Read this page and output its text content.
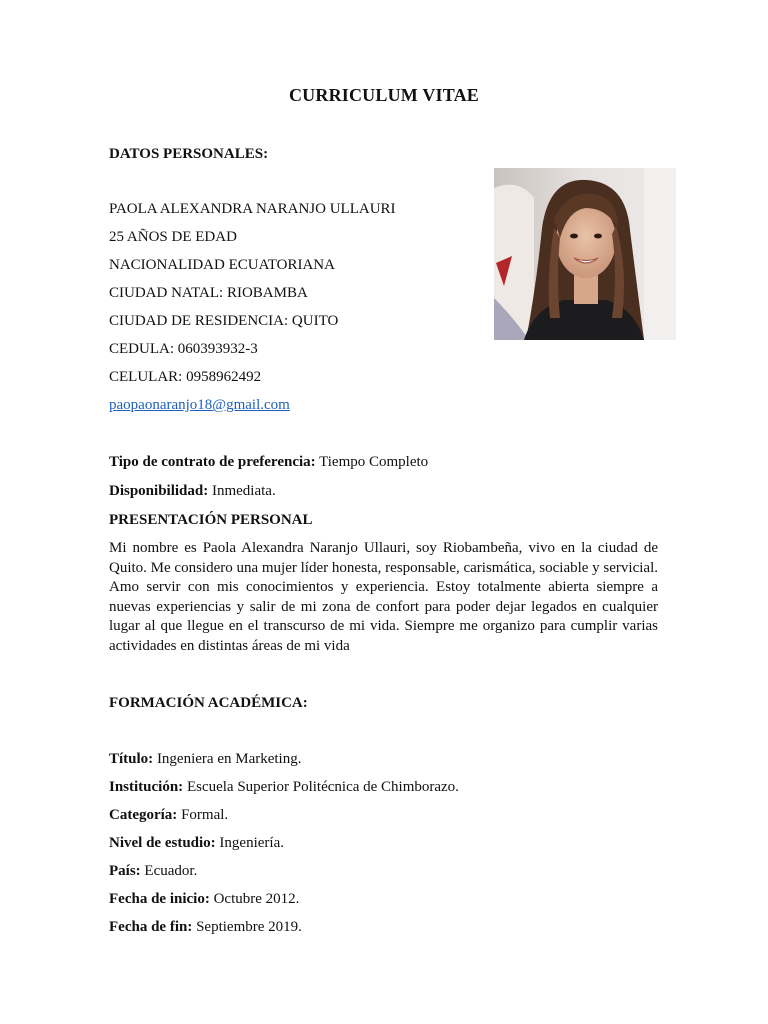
CURRICULUM VITAE
DATOS PERSONALES:
PAOLA ALEXANDRA NARANJO ULLAURI
25 AÑOS DE EDAD
NACIONALIDAD ECUATORIANA
CIUDAD NATAL: RIOBAMBA
CIUDAD DE RESIDENCIA: QUITO
CEDULA: 060393932-3
CELULAR: 0958962492
paopaonaranjo18@gmail.com
Tipo de contrato de preferencia: Tiempo Completo
Disponibilidad: Inmediata.
PRESENTACIÓN PERSONAL

Mi nombre es Paola Alexandra Naranjo Ullauri, soy Riobambeña, vivo en la ciudad de Quito. Me considero una mujer líder honesta, responsable, carismática, sociable y servicial. Amo servir con mis conocimientos y experiencia. Estoy totalmente abierta siempre a nuevas experiencias y salir de mi zona de confort para poder dejar legados en cualquier lugar al que llegue en el transcurso de mi vida. Siempre me organizo para cumplir varias actividades en distintas áreas de mi vida

FORMACIÓN ACADÉMICA:
Título: Ingeniera en Marketing.
Institución: Escuela Superior Politécnica de Chimborazo.
Categoría: Formal.
Nivel de estudio: Ingeniería.
País: Ecuador.
Fecha de inicio: Octubre 2012.
Fecha de fin: Septiembre 2019.
